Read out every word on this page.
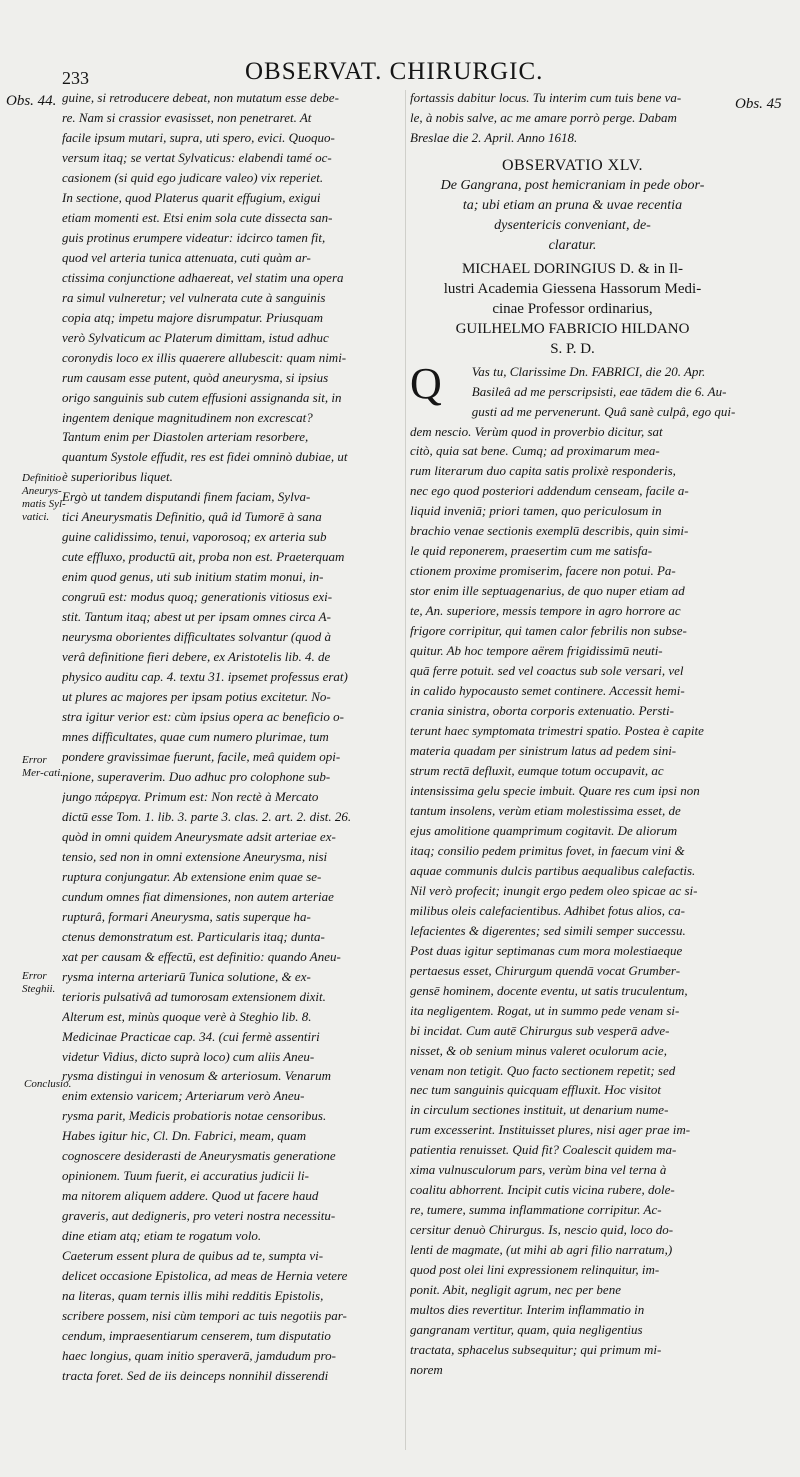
233	OBSERVAT. CHIRURGIC.
Obs. 44.	Obs. 45
Definitio Aneurys-matis Syl-vatici.
Error Mer-cati.
Error Steghii.
Conclusio.
guine, si retroducere debeat, non mutatum esse debe-
re. Nam si crassior evasisset, non penetraret. At
facile ipsum mutari, supra, uti spero, evici. Quoquo-
versum itaq; se vertat Sylvaticus: elabendi tamé oc-
casionem (si quid ego judicare valeo) vix reperiet.
In sectione, quod Platerus quarit effugium, exigui
etiam momenti est. Etsi enim sola cute dissecta san-
guis protinus erumpere videatur: idcirco tamen fit,
quod vel arteria tunica attenuata, cuti quàm ar-
ctissima conjunctione adhaereat, vel statim una opera
ra simul vulneretur; vel vulnerata cute à sanguinis
copia atq; impetu majore disrumpatur. Priusquam
verò Sylvaticum ac Platerum dimittam, istud adhuc
coronydis loco ex illis quaerere allubescit: quam nimi-
rum causam esse putent, quòd aneurysma, si ipsius
origo sanguinis sub cutem effusioni assignanda sit, in
ingentem denique magnitudinem non excrescat?
Tantum enim per Diastolen arteriam resorbere,
quantum Systole effudit, res est fidei omninò dubiae, ut
è superioribus liquet.
Ergò ut tandem disputandi finem faciam, Sylva-
tici Aneurysmatis Definitio, quâ id Tumorē à sana
guine calidissimo, tenui, vaporosoq; ex arteria sub
cute effluxo, productū ait, proba non est. Praeterquam
enim quod genus, uti sub initium statim monui, in-
congruū est: modus quoq; generationis vitiosus exi-
stit. Tantum itaq; abest ut per ipsam omnes circa A-
neurysma oborientes difficultates solvantur (quod à
verâ definitione fieri debere, ex Aristotelis lib. 4. de
physico auditu cap. 4. textu 31. ipsemet professus erat)
ut plures ac majores per ipsam potius excitetur. No-
stra igitur verior est: cùm ipsius opera ac beneficio o-
mnes difficultates, quae cum numero plurimae, tum
pondere gravissimae fuerunt, facile, meâ quidem opi-
nione, superaverim. Duo adhuc pro colophone sub-
jungo πάρεργα. Primum est: Non rectè à Mercato
dictū esse Tom. 1. lib. 3. parte 3. clas. 2. art. 2. dist. 26.
quòd in omni quidem Aneurysmate adsit arteriae ex-
tensio, sed non in omni extensione Aneurysma, nisi
ruptura conjungatur. Ab extensione enim quae se-
cundum omnes fiat dimensiones, non autem arteriae
rupturâ, formari Aneurysma, satis superque ha-
ctenus demonstratum est. Particularis itaq; dunta-
xat per causam & effectū, est definitio: quando Aneu-
rysma interna arteriarū Tunica solutione, & ex-
terioris pulsativâ ad tumorosam extensionem dixit.
Alterum est, minùs quoque verè à Steghio lib. 8.
Medicinae Practicae cap. 34. (cui fermè assentiri
videtur Vidius, dicto suprà loco) cum aliis Aneu-
rysma distingui in venosum & arteriosum. Venarum
enim extensio varicem; Arteriarum verò Aneu-
rysma parit, Medicis probatioris notae censoribus.
Habes igitur hic, Cl. Dn. Fabrici, meam, quam
cognoscere desiderasti de Aneurysmatis generatione
opinionem. Tuum fuerit, ei accuratius judicii li-
ma nitorem aliquem addere. Quod ut facere haud
graveris, aut dedigneris, pro veteri nostra necessitu-
dine etiam atq; etiam te rogatum volo.
Caeterum essent plura de quibus ad te, sumpta vi-
delicet occasione Epistolica, ad meas de Hernia vetere
na literas, quam ternis illis mihi redditis Epistolis,
scribere possem, nisi cùm tempori ac tuis negotiis par-
cendum, impraesentiarum censerem, tum disputatio
haec longius, quam initio speraverā, jamdudum pro-
tracta foret. Sed de iis deinceps nonnihil disserendi
fortassis dabitur locus. Tu interim cum tuis bene va-
le, à nobis salve, ac me amare porrò perge. Dabam
Breslae die 2. April. Anno 1618.
OBSERVATIO XLV.
De Gangrana, post hemicraniam in pede obor-
ta; ubi etiam an pruna & uvae recentia
dysentericis conveniant, de-
claratur.
MICHAEL DORINGIUS D. & in Il-
lustri Academia Giessena Hassorum Medi-
cinae Professor ordinarius,
GUILHELMO FABRICIO HILDANO
S. P. D.
Q	Vas tu, Clarissime Dn. FABRICI, die 20. Apr.
Basileâ ad me perscripsisti, eae tādem die 6. Au-
gusti ad me pervenerunt. Quâ sanè culpâ, ego qui-
dem nescio. Verùm quod in proverbio dicitur, sat
citò, quia sat bene. Cumq; ad proximarum mea-
rum literarum duo capita satis prolixè responderis,
nec ego quod posteriori addendum censeam, facile a-
liquid inveniā; priori tamen, quo periculosum in
brachio venae sectionis exemplū describis, quin simi-
le quid reponerem, praesertim cum me satisfa-
ctionem proxime promiserim, facere non potui. Pa-
stor enim ille septuagenarius, de quo nuper etiam ad
te, An. superiore, messis tempore in agro horrore ac
frigore corripitur, qui tamen calor febrilis non subse-
quitur. Ab hoc tempore aërem frigidissimū neuti-
quā ferre potuit. sed vel coactus sub sole versari, vel
in calido hypocausto semet continere. Accessit hemi-
crania sinistra, oborta corporis extenuatio. Persti-
terunt haec symptomata trimestri spatio. Postea è capite
materia quadam per sinistrum latus ad pedem sini-
strum rectā defluxit, eumque totum occupavit, ac
intensissima gelu specie imbuit. Quare res cum ipsi non
tantum insolens, verùm etiam molestissima esset, de
ejus amolitione quamprimum cogitavit. De aliorum
itaq; consilio pedem primitus fovet, in faecum vini &
aquae communis dulcis partibus aequalibus calefactis.
Nil verò profecit; inungit ergo pedem oleo spicae ac si-
milibus oleis calefacientibus. Adhibet fotus alios, ca-
lefacientes & digerentes; sed simili semper successu.
Post duas igitur septimanas cum mora molestiaeque
pertaesus esset, Chirurgum quendā vocat Grumber-
gensē hominem, docente eventu, ut satis truculentum,
ita negligentem. Rogat, ut in summo pede venam si-
bi incidat. Cum autē Chirurgus sub vesperā adve-
nisset, & ob senium minus valeret oculorum acie,
venam non tetigit. Quo facto sectionem repetit; sed
nec tum sanguinis quicquam effluxit. Hoc visitot
in circulum sectiones instituit, ut denarium nume-
rum excesserint. Instituisset plures, nisi ager prae im-
patientia renuisset. Quid fit? Coalescit quidem ma-
xima vulnusculorum pars, verùm bina vel terna à
coalitu abhorrent. Incipit cutis vicina rubere, dole-
re, tumere, summa inflammatione corripitur. Ac-
cersitur denuò Chirurgus. Is, nescio quid, loco do-
lenti de magmate, (ut mihi ab agri filio narratum,)
quod post olei lini expressionem relinquitur, im-
ponit. Abit, negligit agrum, nec per bene
multos dies revertitur. Interim inflammatio in
gangranam vertitur, quam, quia negligentius
tractata, sphacelus subsequitur; qui primum mi-
norem
